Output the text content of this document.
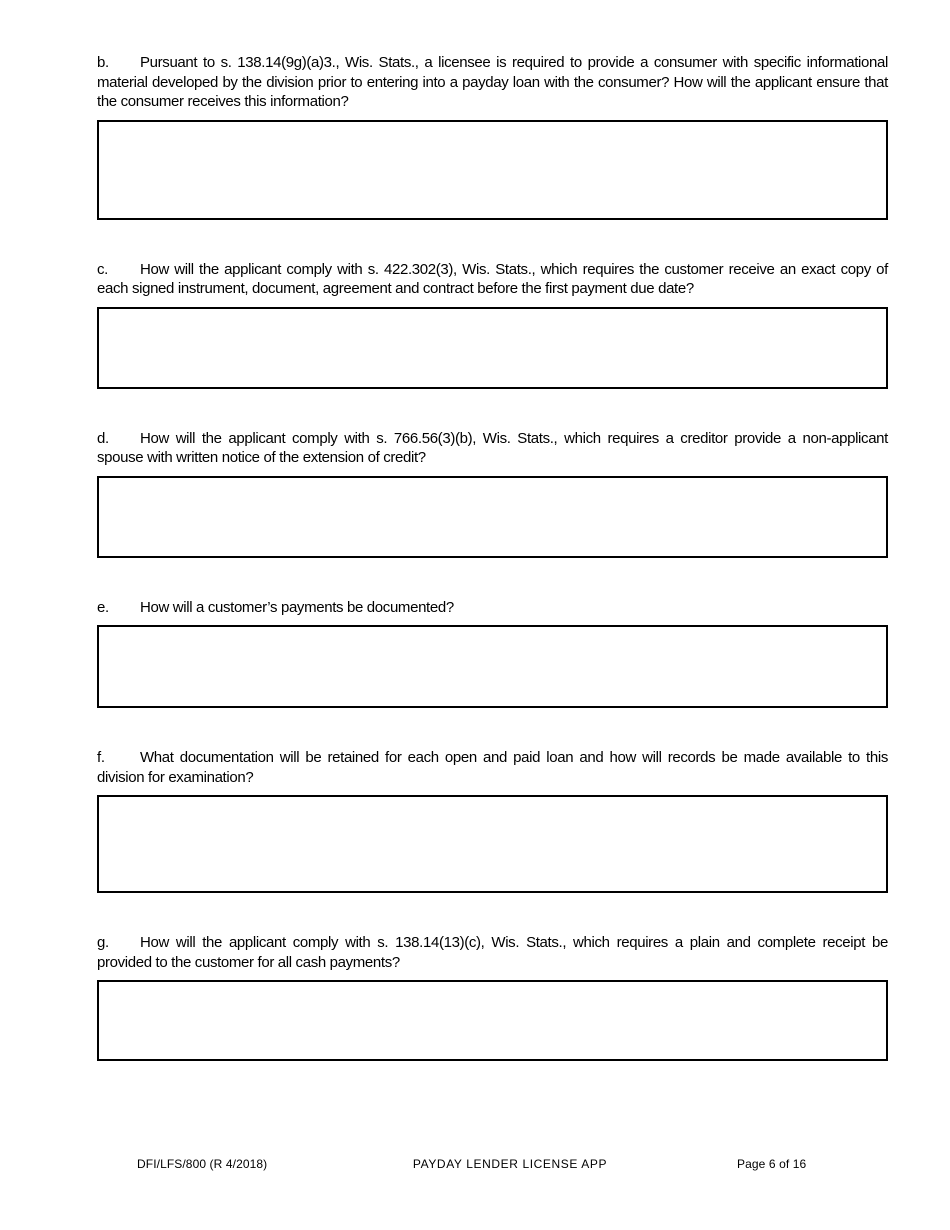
b. Pursuant to s. 138.14(9g)(a)3., Wis. Stats., a licensee is required to provide a consumer with specific informational material developed by the division prior to entering into a payday loan with the consumer? How will the applicant ensure that the consumer receives this information?

c. How will the applicant comply with s. 422.302(3), Wis. Stats., which requires the customer receive an exact copy of each signed instrument, document, agreement and contract before the first payment due date?

d. How will the applicant comply with s. 766.56(3)(b), Wis. Stats., which requires a creditor provide a non-applicant spouse with written notice of the extension of credit?

e. How will a customer’s payments be documented?

f. What documentation will be retained for each open and paid loan and how will records be made available to this division for examination?

g. How will the applicant comply with s. 138.14(13)(c), Wis. Stats., which requires a plain and complete receipt be provided to the customer for all cash payments?

DFI/LFS/800 (R 4/2018)	PAYDAY LENDER LICENSE APP	Page 6 of 16
